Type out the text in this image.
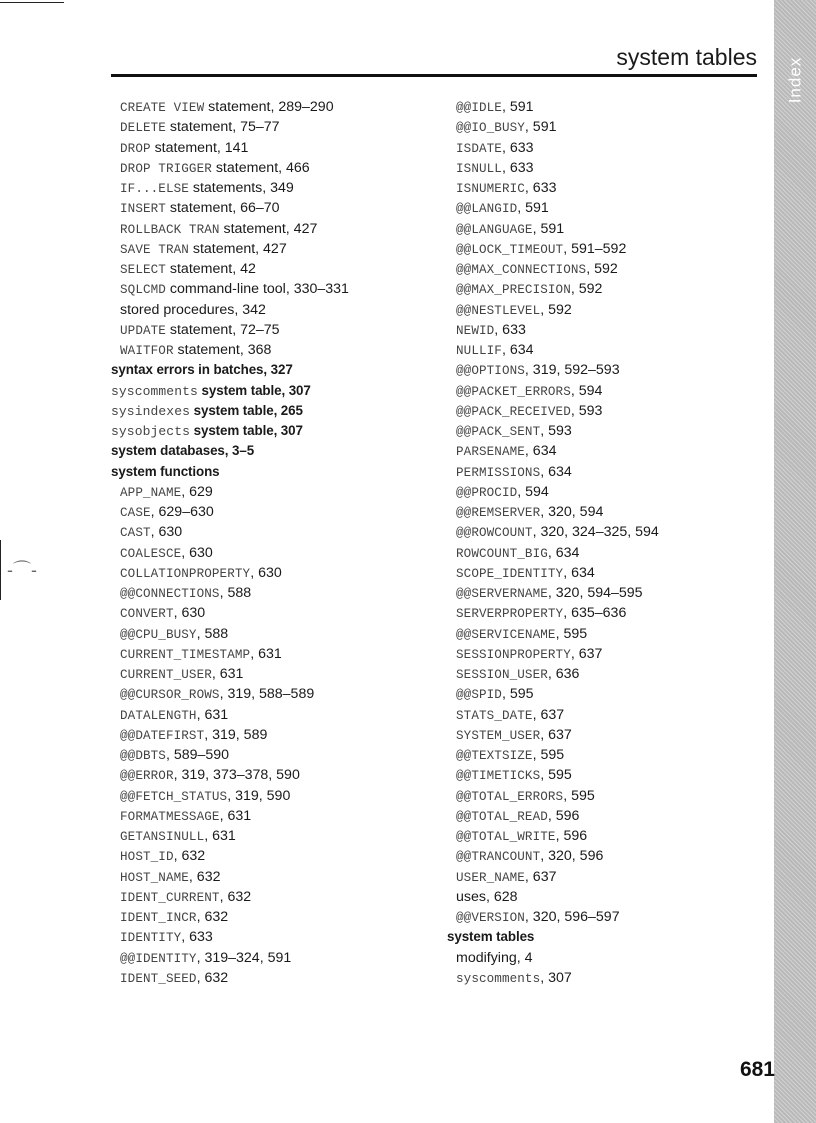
Index
system tables
CREATE VIEW statement, 289–290
DELETE statement, 75–77
DROP statement, 141
DROP TRIGGER statement, 466
IF...ELSE statements, 349
INSERT statement, 66–70
ROLLBACK TRAN statement, 427
SAVE TRAN statement, 427
SELECT statement, 42
SQLCMD command-line tool, 330–331
stored procedures, 342
UPDATE statement, 72–75
WAITFOR statement, 368
syntax errors in batches, 327
syscomments system table, 307
sysindexes system table, 265
sysobjects system table, 307
system databases, 3–5
system functions
APP_NAME, 629
CASE, 629–630
CAST, 630
COALESCE, 630
COLLATIONPROPERTY, 630
@@CONNECTIONS, 588
CONVERT, 630
@@CPU_BUSY, 588
CURRENT_TIMESTAMP, 631
CURRENT_USER, 631
@@CURSOR_ROWS, 319, 588–589
DATALENGTH, 631
@@DATEFIRST, 319, 589
@@DBTS, 589–590
@@ERROR, 319, 373–378, 590
@@FETCH_STATUS, 319, 590
FORMATMESSAGE, 631
GETANSINULL, 631
HOST_ID, 632
HOST_NAME, 632
IDENT_CURRENT, 632
IDENT_INCR, 632
IDENTITY, 633
@@IDENTITY, 319–324, 591
IDENT_SEED, 632
@@IDLE, 591
@@IO_BUSY, 591
ISDATE, 633
ISNULL, 633
ISNUMERIC, 633
@@LANGID, 591
@@LANGUAGE, 591
@@LOCK_TIMEOUT, 591–592
@@MAX_CONNECTIONS, 592
@@MAX_PRECISION, 592
@@NESTLEVEL, 592
NEWID, 633
NULLIF, 634
@@OPTIONS, 319, 592–593
@@PACKET_ERRORS, 594
@@PACK_RECEIVED, 593
@@PACK_SENT, 593
PARSENAME, 634
PERMISSIONS, 634
@@PROCID, 594
@@REMSERVER, 320, 594
@@ROWCOUNT, 320, 324–325, 594
ROWCOUNT_BIG, 634
SCOPE_IDENTITY, 634
@@SERVERNAME, 320, 594–595
SERVERPROPERTY, 635–636
@@SERVICENAME, 595
SESSIONPROPERTY, 637
SESSION_USER, 636
@@SPID, 595
STATS_DATE, 637
SYSTEM_USER, 637
@@TEXTSIZE, 595
@@TIMETICKS, 595
@@TOTAL_ERRORS, 595
@@TOTAL_READ, 596
@@TOTAL_WRITE, 596
@@TRANCOUNT, 320, 596
USER_NAME, 637
uses, 628
@@VERSION, 320, 596–597
system tables
modifying, 4
syscomments, 307
-⌒-
681
